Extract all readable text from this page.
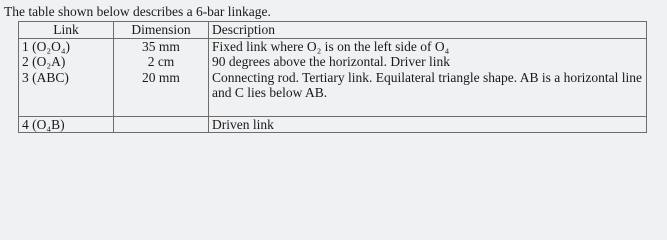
The table shown below describes a 6-bar linkage.
Link	Dimension	Description
1 (O₂O₄)	35 mm	Fixed link where O₂ is on the left side of O₄
2 (O₂A)	2 cm	90 degrees above the horizontal. Driver link
3 (ABC)	20 mm	Connecting rod. Tertiary link. Equilateral triangle shape. AB is a horizontal line and C lies below AB.

4 (O₄B)		Driven link
